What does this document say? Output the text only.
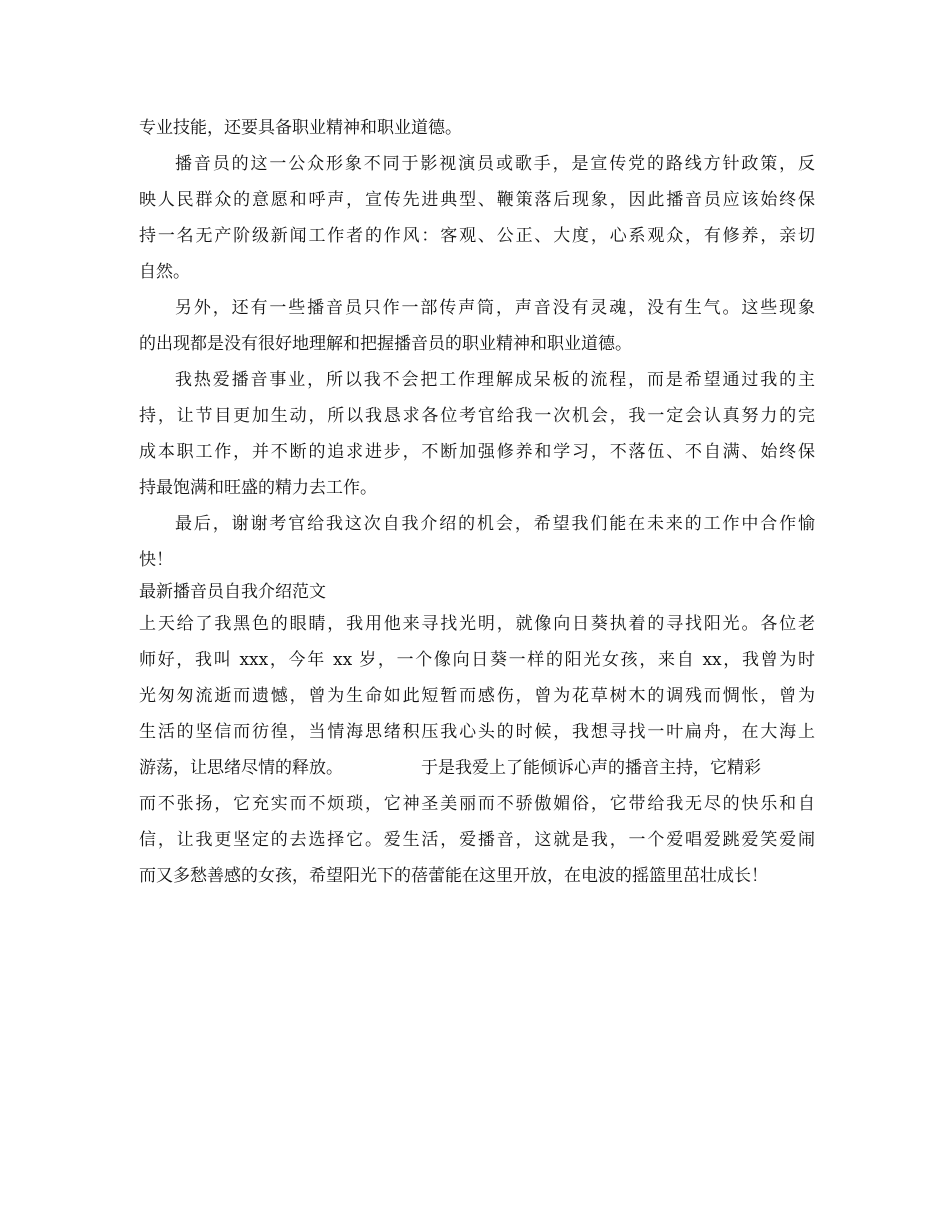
专业技能，还要具备职业精神和职业道德。
播音员的这一公众形象不同于影视演员或歌手，是宣传党的路线方针政策，反
映人民群众的意愿和呼声，宣传先进典型、鞭策落后现象，因此播音员应该始终保
持一名无产阶级新闻工作者的作风：客观、公正、大度，心系观众，有修养，亲切
自然。
另外，还有一些播音员只作一部传声筒，声音没有灵魂，没有生气。这些现象
的出现都是没有很好地理解和把握播音员的职业精神和职业道德。
我热爱播音事业，所以我不会把工作理解成呆板的流程，而是希望通过我的主
持，让节目更加生动，所以我恳求各位考官给我一次机会，我一定会认真努力的完
成本职工作，并不断的追求进步，不断加强修养和学习，不落伍、不自满、始终保
持最饱满和旺盛的精力去工作。
最后，谢谢考官给我这次自我介绍的机会，希望我们能在未来的工作中合作愉
快！
最新播音员自我介绍范文
上天给了我黑色的眼睛，我用他来寻找光明，就像向日葵执着的寻找阳光。各位老
师好，我叫 xxx，今年 xx 岁，一个像向日葵一样的阳光女孩，来自 xx，我曾为时
光匆匆流逝而遗憾，曾为生命如此短暂而感伤，曾为花草树木的调残而惆怅，曾为
生活的坚信而彷徨，当情海思绪积压我心头的时候，我想寻找一叶扁舟，在大海上
游荡，让思绪尽情的释放。	于是我爱上了能倾诉心声的播音主持，它精彩
而不张扬，它充实而不烦琐，它神圣美丽而不骄傲媚俗，它带给我无尽的快乐和自
信，让我更坚定的去选择它。爱生活，爱播音，这就是我，一个爱唱爱跳爱笑爱闹
而又多愁善感的女孩，希望阳光下的蓓蕾能在这里开放，在电波的摇篮里茁壮成长！
